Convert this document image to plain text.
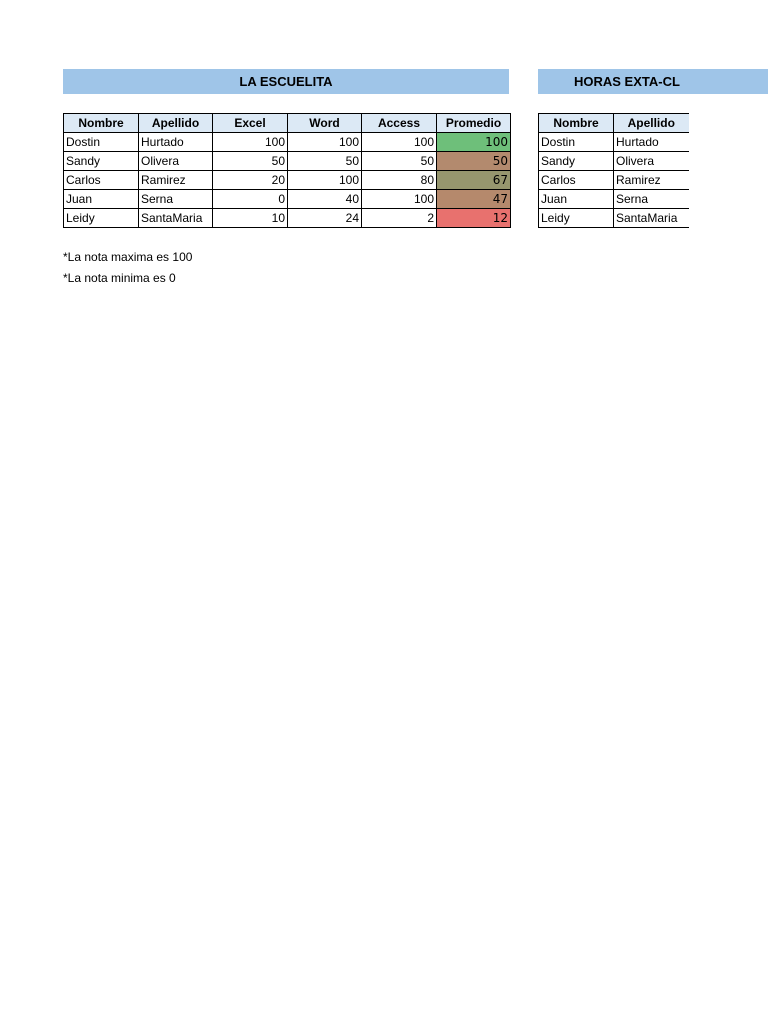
LA ESCUELITA	HORAS EXTA-CL
Nombre	Apellido	Excel	Word	Access	Promedio
Dostin	Hurtado	100	100	100	100
Sandy	Olivera	50	50	50	50
Carlos	Ramirez	20	100	80	67
Juan	Serna	0	40	100	47
Leidy	SantaMaria	10	24	2	12
Nombre	Apellido
Dostin	Hurtado
Sandy	Olivera
Carlos	Ramirez
Juan	Serna
Leidy	SantaMaria
*La nota maxima es 100
*La nota minima es 0
